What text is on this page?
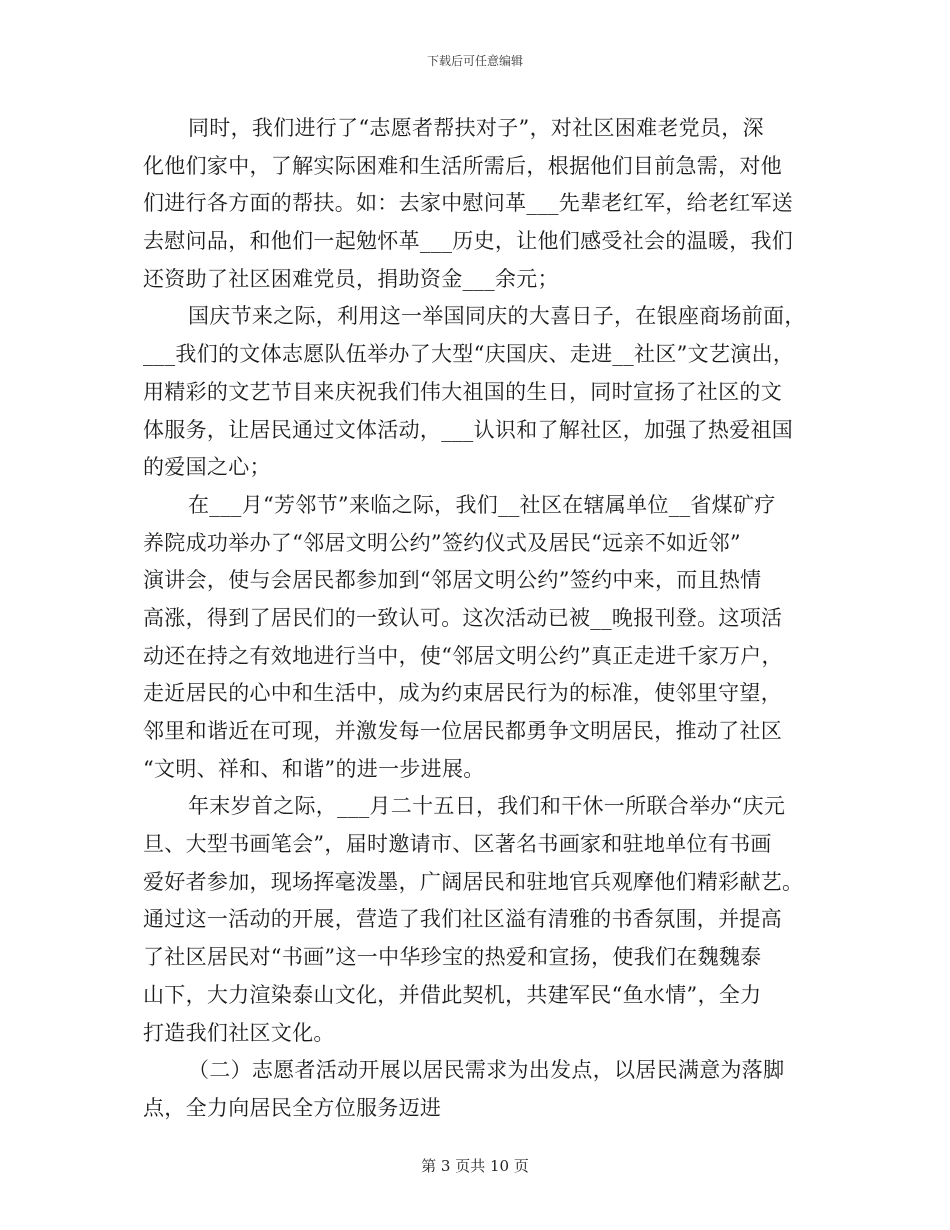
下载后可任意编辑
同时，我们进行了“志愿者帮扶对子”，对社区困难老党员，深
化他们家中，了解实际困难和生活所需后，根据他们目前急需，对他
们进行各方面的帮扶。如：去家中慰问革___先辈老红军，给老红军送
去慰问品，和他们一起勉怀革___历史，让他们感受社会的温暖，我们
还资助了社区困难党员，捐助资金___余元；
国庆节来之际，利用这一举国同庆的大喜日子，在银座商场前面，
___我们的文体志愿队伍举办了大型“庆国庆、走进__社区”文艺演出，
用精彩的文艺节目来庆祝我们伟大祖国的生日，同时宣扬了社区的文
体服务，让居民通过文体活动，___认识和了解社区，加强了热爱祖国
的爱国之心；
在___月“芳邻节”来临之际，我们__社区在辖属单位__省煤矿疗
养院成功举办了“邻居文明公约”签约仪式及居民“远亲不如近邻”
演讲会，使与会居民都参加到“邻居文明公约”签约中来，而且热情
高涨，得到了居民们的一致认可。这次活动已被__晚报刊登。这项活
动还在持之有效地进行当中，使“邻居文明公约”真正走进千家万户，
走近居民的心中和生活中，成为约束居民行为的标准，使邻里守望，
邻里和谐近在可现，并激发每一位居民都勇争文明居民，推动了社区
“文明、祥和、和谐”的进一步进展。
年末岁首之际，___月二十五日，我们和干休一所联合举办“庆元
旦、大型书画笔会”，届时邀请市、区著名书画家和驻地单位有书画
爱好者参加，现场挥毫泼墨，广阔居民和驻地官兵观摩他们精彩献艺。
通过这一活动的开展，营造了我们社区溢有清雅的书香氛围，并提高
了社区居民对“书画”这一中华珍宝的热爱和宣扬，使我们在魏魏泰
山下，大力渲染泰山文化，并借此契机，共建军民“鱼水情”，全力
打造我们社区文化。
（二）志愿者活动开展以居民需求为出发点，以居民满意为落脚
点，全力向居民全方位服务迈进
第 3 页共 10 页
